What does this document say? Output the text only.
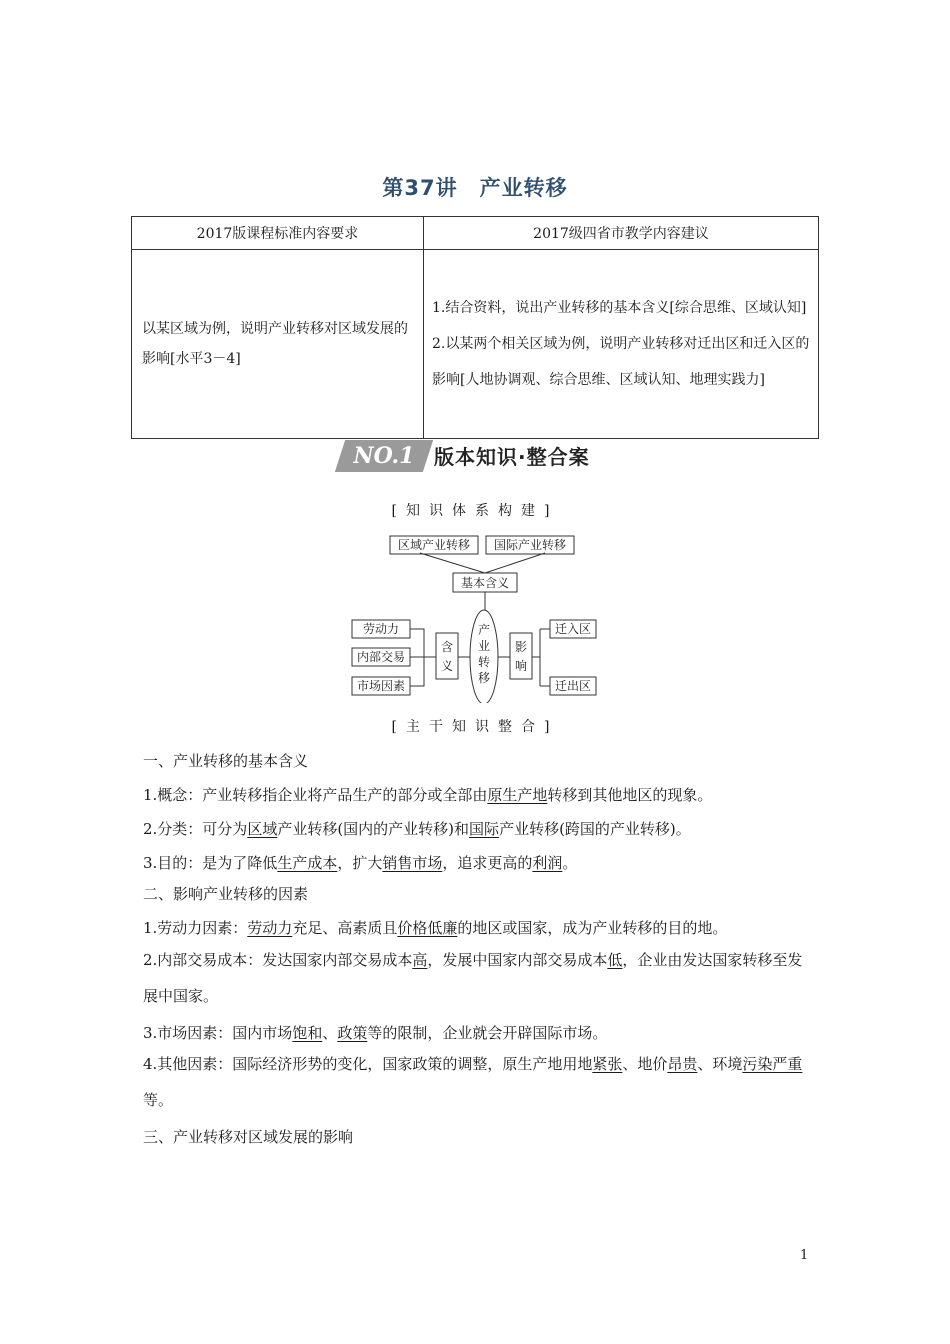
第37讲　产业转移
2017版课程标准内容要求	2017级四省市教学内容建议
以某区域为例，说明产业转移对区域发展的影响[水平3－4]	1.结合资料，说出产业转移的基本含义[综合思维、区域认知]
2.以某两个相关区域为例，说明产业转移对迁出区和迁入区的影响[人地协调观、综合思维、区域认知、地理实践力]
NO.1 版本知识·整合案
[知识体系构建]
区域产业转移 国际产业转移
基本含义
产
业
转
移
劳动力
内部交易
市场因素
含
义
影
响
迁入区
迁出区
[主干知识整合]
一、产业转移的基本含义
1.概念：产业转移指企业将产品生产的部分或全部由原生产地转移到其他地区的现象。
2.分类：可分为区域产业转移(国内的产业转移)和国际产业转移(跨国的产业转移)。
3.目的：是为了降低生产成本，扩大销售市场，追求更高的利润。
二、影响产业转移的因素
1.劳动力因素：劳动力充足、高素质且价格低廉的地区或国家，成为产业转移的目的地。
2.内部交易成本：发达国家内部交易成本高，发展中国家内部交易成本低，企业由发达国家转移至发展中国家。
3.市场因素：国内市场饱和、政策等的限制，企业就会开辟国际市场。
4.其他因素：国际经济形势的变化，国家政策的调整，原生产地用地紧张、地价昂贵、环境污染严重等。
三、产业转移对区域发展的影响
1
